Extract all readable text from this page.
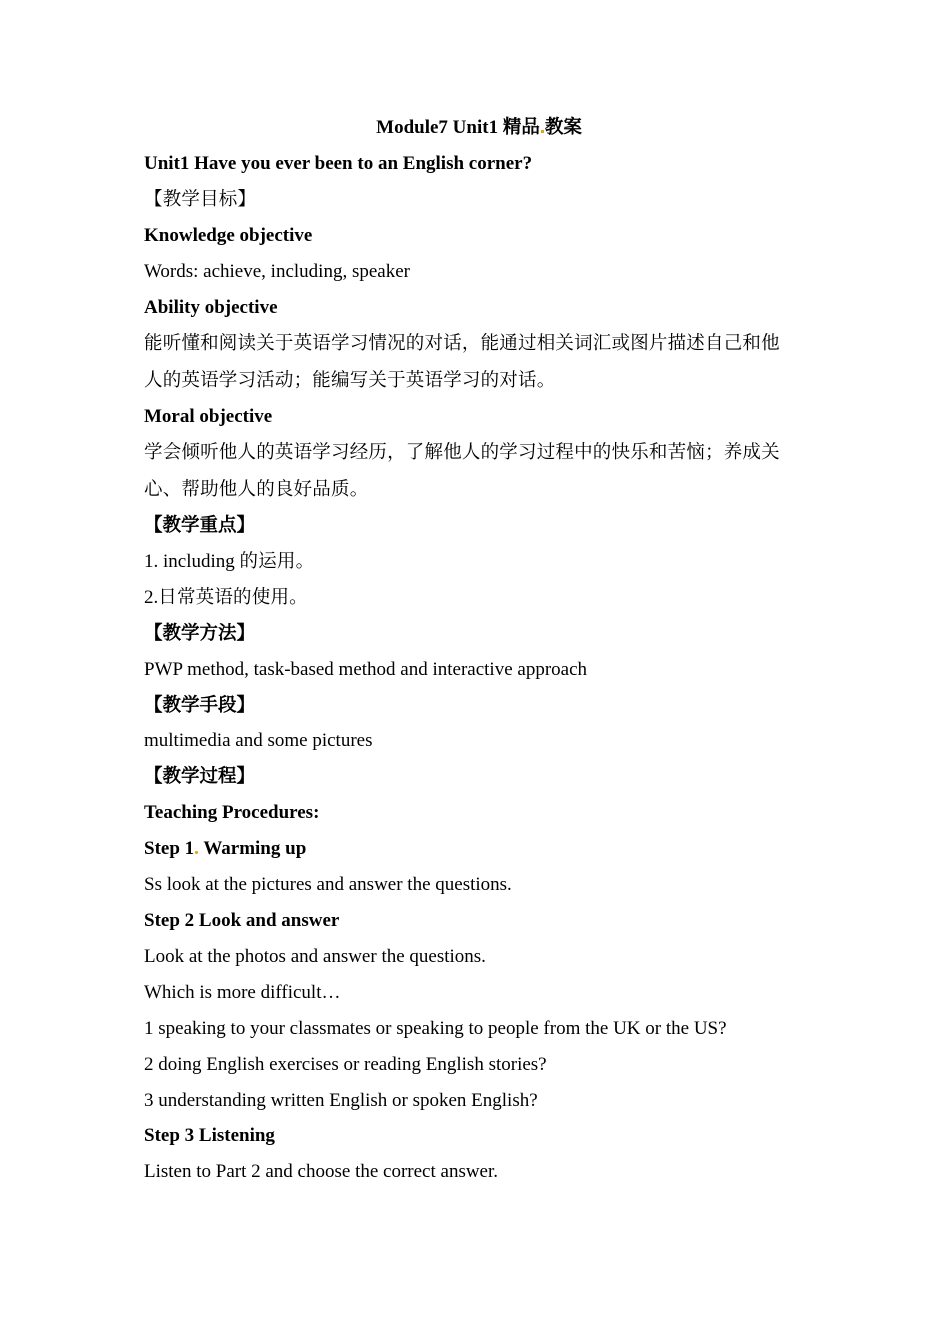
Module7 Unit1 精品 教案
Unit1 Have you ever been to an English corner?
【教学目标】
Knowledge objective
Words: achieve, including, speaker
Ability objective
能听懂和阅读关于英语学习情况的对话，能通过相关词汇或图片描述自己和他
人的英语学习活动；能编写关于英语学习的对话。
Moral objective
学会倾听他人的英语学习经历，了解他人的学习过程中的快乐和苦恼；养成关
心、帮助他人的良好品质。
【教学重点】
1. including 的运用。
2.日常英语的使用。
【教学方法】
PWP method, task-based method and interactive approach
【教学手段】
multimedia and some pictures
【教学过程】
Teaching Procedures:
Step 1. Warming up
Ss look at the pictures and answer the questions.
Step 2 Look and answer
Look at the photos and answer the questions.
Which is more difficult…
1 speaking to your classmates or speaking to people from the UK or the US?
2 doing English exercises or reading English stories?
3 understanding written English or spoken English?
Step 3 Listening
Listen to Part 2 and choose the correct answer.
